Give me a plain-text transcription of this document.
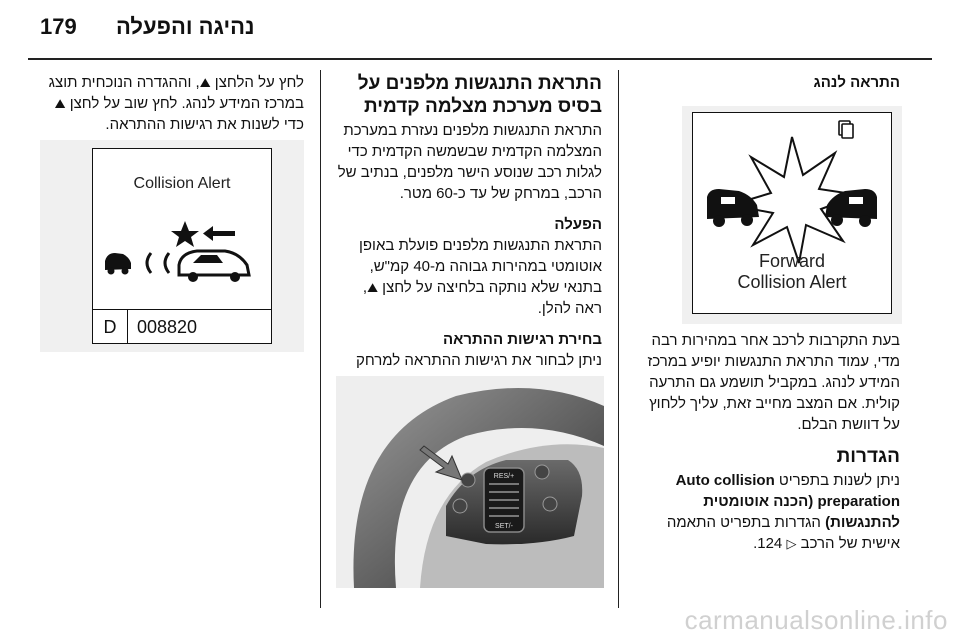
נהיגה והפעלה
179
התראה לנהג
Forward
Collision Alert

בעת התקרבות לרכב אחר במהירות רבה מדי, עמוד התראת התנגשות יופיע במרכז המידע לנהג. במקביל תושמע גם התרעה קולית. אם המצב מחייב זאת, עליך ללחוץ על דוושת הבלם.

הגדרות

ניתן לשנות בתפריט Auto collision preparation (הכנה אוטומטית להתנגשות) הגדרות בתפריט התאמה אישית של הרכב ▷ 124.

התראת התנגשות מלפנים על בסיס מערכת מצלמה קדמית

התראת התנגשות מלפנים נעזרת במערכת המצלמה הקדמית שבשמשה הקדמית כדי לגלות רכב שנוסע הישר מלפנים, בנתיב של הרכב, במרחק של עד כ-60 מטר.

הפעלה

התראת התנגשות מלפנים פועלת באופן אוטומטי במהירות גבוהה מ-40 קמ"ש, בתנאי שלא נותקה בלחיצה על לחצן ⛰, ראה להלן.

בחירת רגישות ההתראה

ניתן לבחור את רגישות ההתראה למרחק

RES/+
SET/-

לחץ על הלחצן ⛰, וההגדרה הנוכחית תוצג במרכז המידע לנהג. לחץ שוב על לחצן ⛰ כדי לשנות את רגישות ההתראה.

Collision Alert
D	008820
carmanualsonline.info
